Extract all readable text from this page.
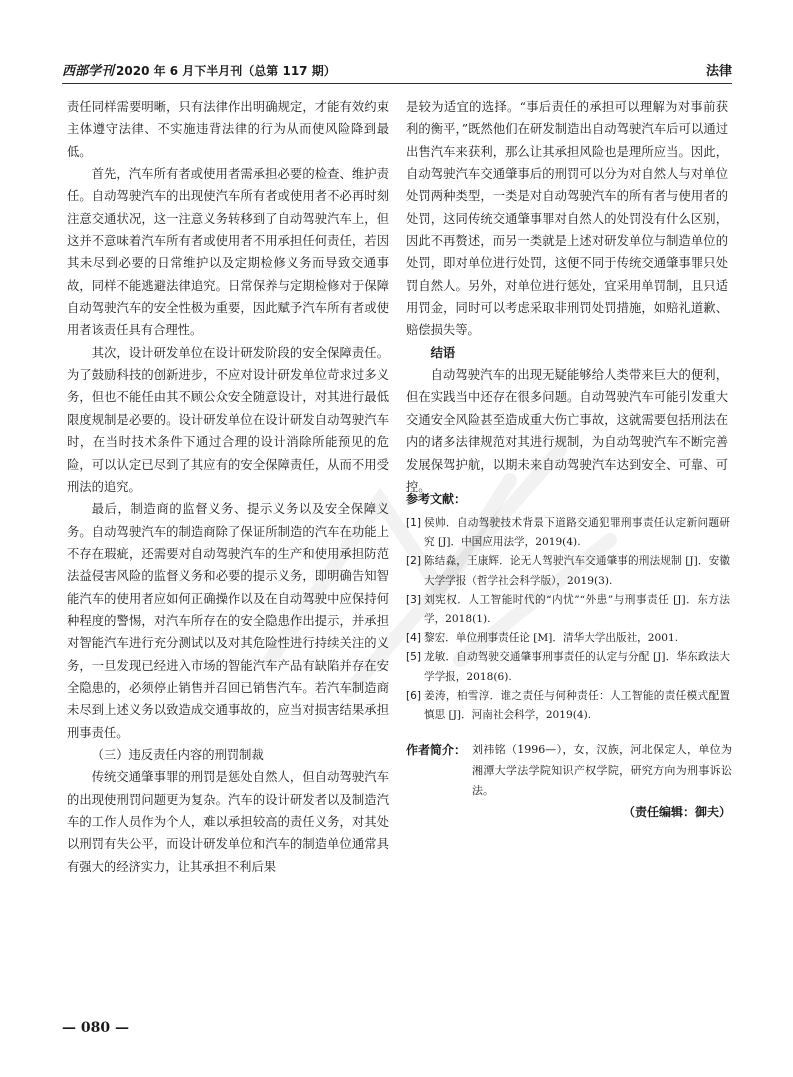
西部学刊 2020 年 6 月下半月刊（总第 117 期）	法律

责任同样需要明晰，只有法律作出明确规定，才能有效约束主体遵守法律、不实施违背法律的行为从而使风险降到最低。

首先，汽车所有者或使用者需承担必要的检查、维护责任。自动驾驶汽车的出现使汽车所有者或使用者不必再时刻注意交通状况，这一注意义务转移到了自动驾驶汽车上，但这并不意味着汽车所有者或使用者不用承担任何责任，若因其未尽到必要的日常维护以及定期检修义务而导致交通事故，同样不能逃避法律追究。日常保养与定期检修对于保障自动驾驶汽车的安全性极为重要，因此赋予汽车所有者或使用者该责任具有合理性。

其次，设计研发单位在设计研发阶段的安全保障责任。为了鼓励科技的创新进步，不应对设计研发单位苛求过多义务，但也不能任由其不顾公众安全随意设计，对其进行最低限度规制是必要的。设计研发单位在设计研发自动驾驶汽车时，在当时技术条件下通过合理的设计消除所能预见的危险，可以认定已尽到了其应有的安全保障责任，从而不用受刑法的追究。

最后，制造商的监督义务、提示义务以及安全保障义务。自动驾驶汽车的制造商除了保证所制造的汽车在功能上不存在瑕疵，还需要对自动驾驶汽车的生产和使用承担防范法益侵害风险的监督义务和必要的提示义务，即明确告知智能汽车的使用者应如何正确操作以及在自动驾驶中应保持何种程度的警惕，对汽车所存在的安全隐患作出提示，并承担对智能汽车进行充分测试以及对其危险性进行持续关注的义务，一旦发现已经进入市场的智能汽车产品有缺陷并存在安全隐患的，必须停止销售并召回已销售汽车。若汽车制造商未尽到上述义务以致造成交通事故的，应当对损害结果承担刑事责任。

（三）违反责任内容的刑罚制裁

传统交通肇事罪的刑罚是惩处自然人，但自动驾驶汽车的出现使刑罚问题更为复杂。汽车的设计研发者以及制造汽车的工作人员作为个人，难以承担较高的责任义务，对其处以刑罚有失公平，而设计研发单位和汽车的制造单位通常具有强大的经济实力，让其承担不利后果

是较为适宜的选择。“事后责任的承担可以理解为对事前获利的衡平，”既然他们在研发制造出自动驾驶汽车后可以通过出售汽车来获利，那么让其承担风险也是理所应当。因此，自动驾驶汽车交通肇事后的刑罚可以分为对自然人与对单位处罚两种类型，一类是对自动驾驶汽车的所有者与使用者的处罚，这同传统交通肇事罪对自然人的处罚没有什么区别，因此不再赘述，而另一类就是上述对研发单位与制造单位的处罚，即对单位进行处罚，这便不同于传统交通肇事罪只处罚自然人。另外，对单位进行惩处，宜采用单罚制，且只适用罚金，同时可以考虑采取非刑罚处罚措施，如赔礼道歉、赔偿损失等。

结语

自动驾驶汽车的出现无疑能够给人类带来巨大的便利，但在实践当中还存在很多问题。自动驾驶汽车可能引发重大交通安全风险甚至造成重大伤亡事故，这就需要包括刑法在内的诸多法律规范对其进行规制，为自动驾驶汽车不断完善发展保驾护航，以期未来自动驾驶汽车达到安全、可靠、可控。

参考文献：
[1] 侯帅．自动驾驶技术背景下道路交通犯罪刑事责任认定新问题研究 [J]．中国应用法学，2019(4).
[2] 陈结淼，王康辉．论无人驾驶汽车交通肇事的刑法规制 [J]．安徽大学学报（哲学社会科学版），2019(3).
[3] 刘宪权．人工智能时代的“内忧”“外患”与刑事责任 [J]．东方法学，2018(1).
[4] 黎宏．单位刑事责任论 [M]．清华大学出版社，2001.
[5] 龙敏．自动驾驶交通肇事刑事责任的认定与分配 [J]．华东政法大学学报，2018(6).
[6] 姜涛，柏雪淳．谁之责任与何种责任：人工智能的责任模式配置慎思 [J]．河南社会科学，2019(4).
作者简介： 刘祎铭（1996—），女，汉族，河北保定人，单位为湘潭大学法学院知识产权学院，研究方向为刑事诉讼法。
（责任编辑：御夫）
— 080 —
